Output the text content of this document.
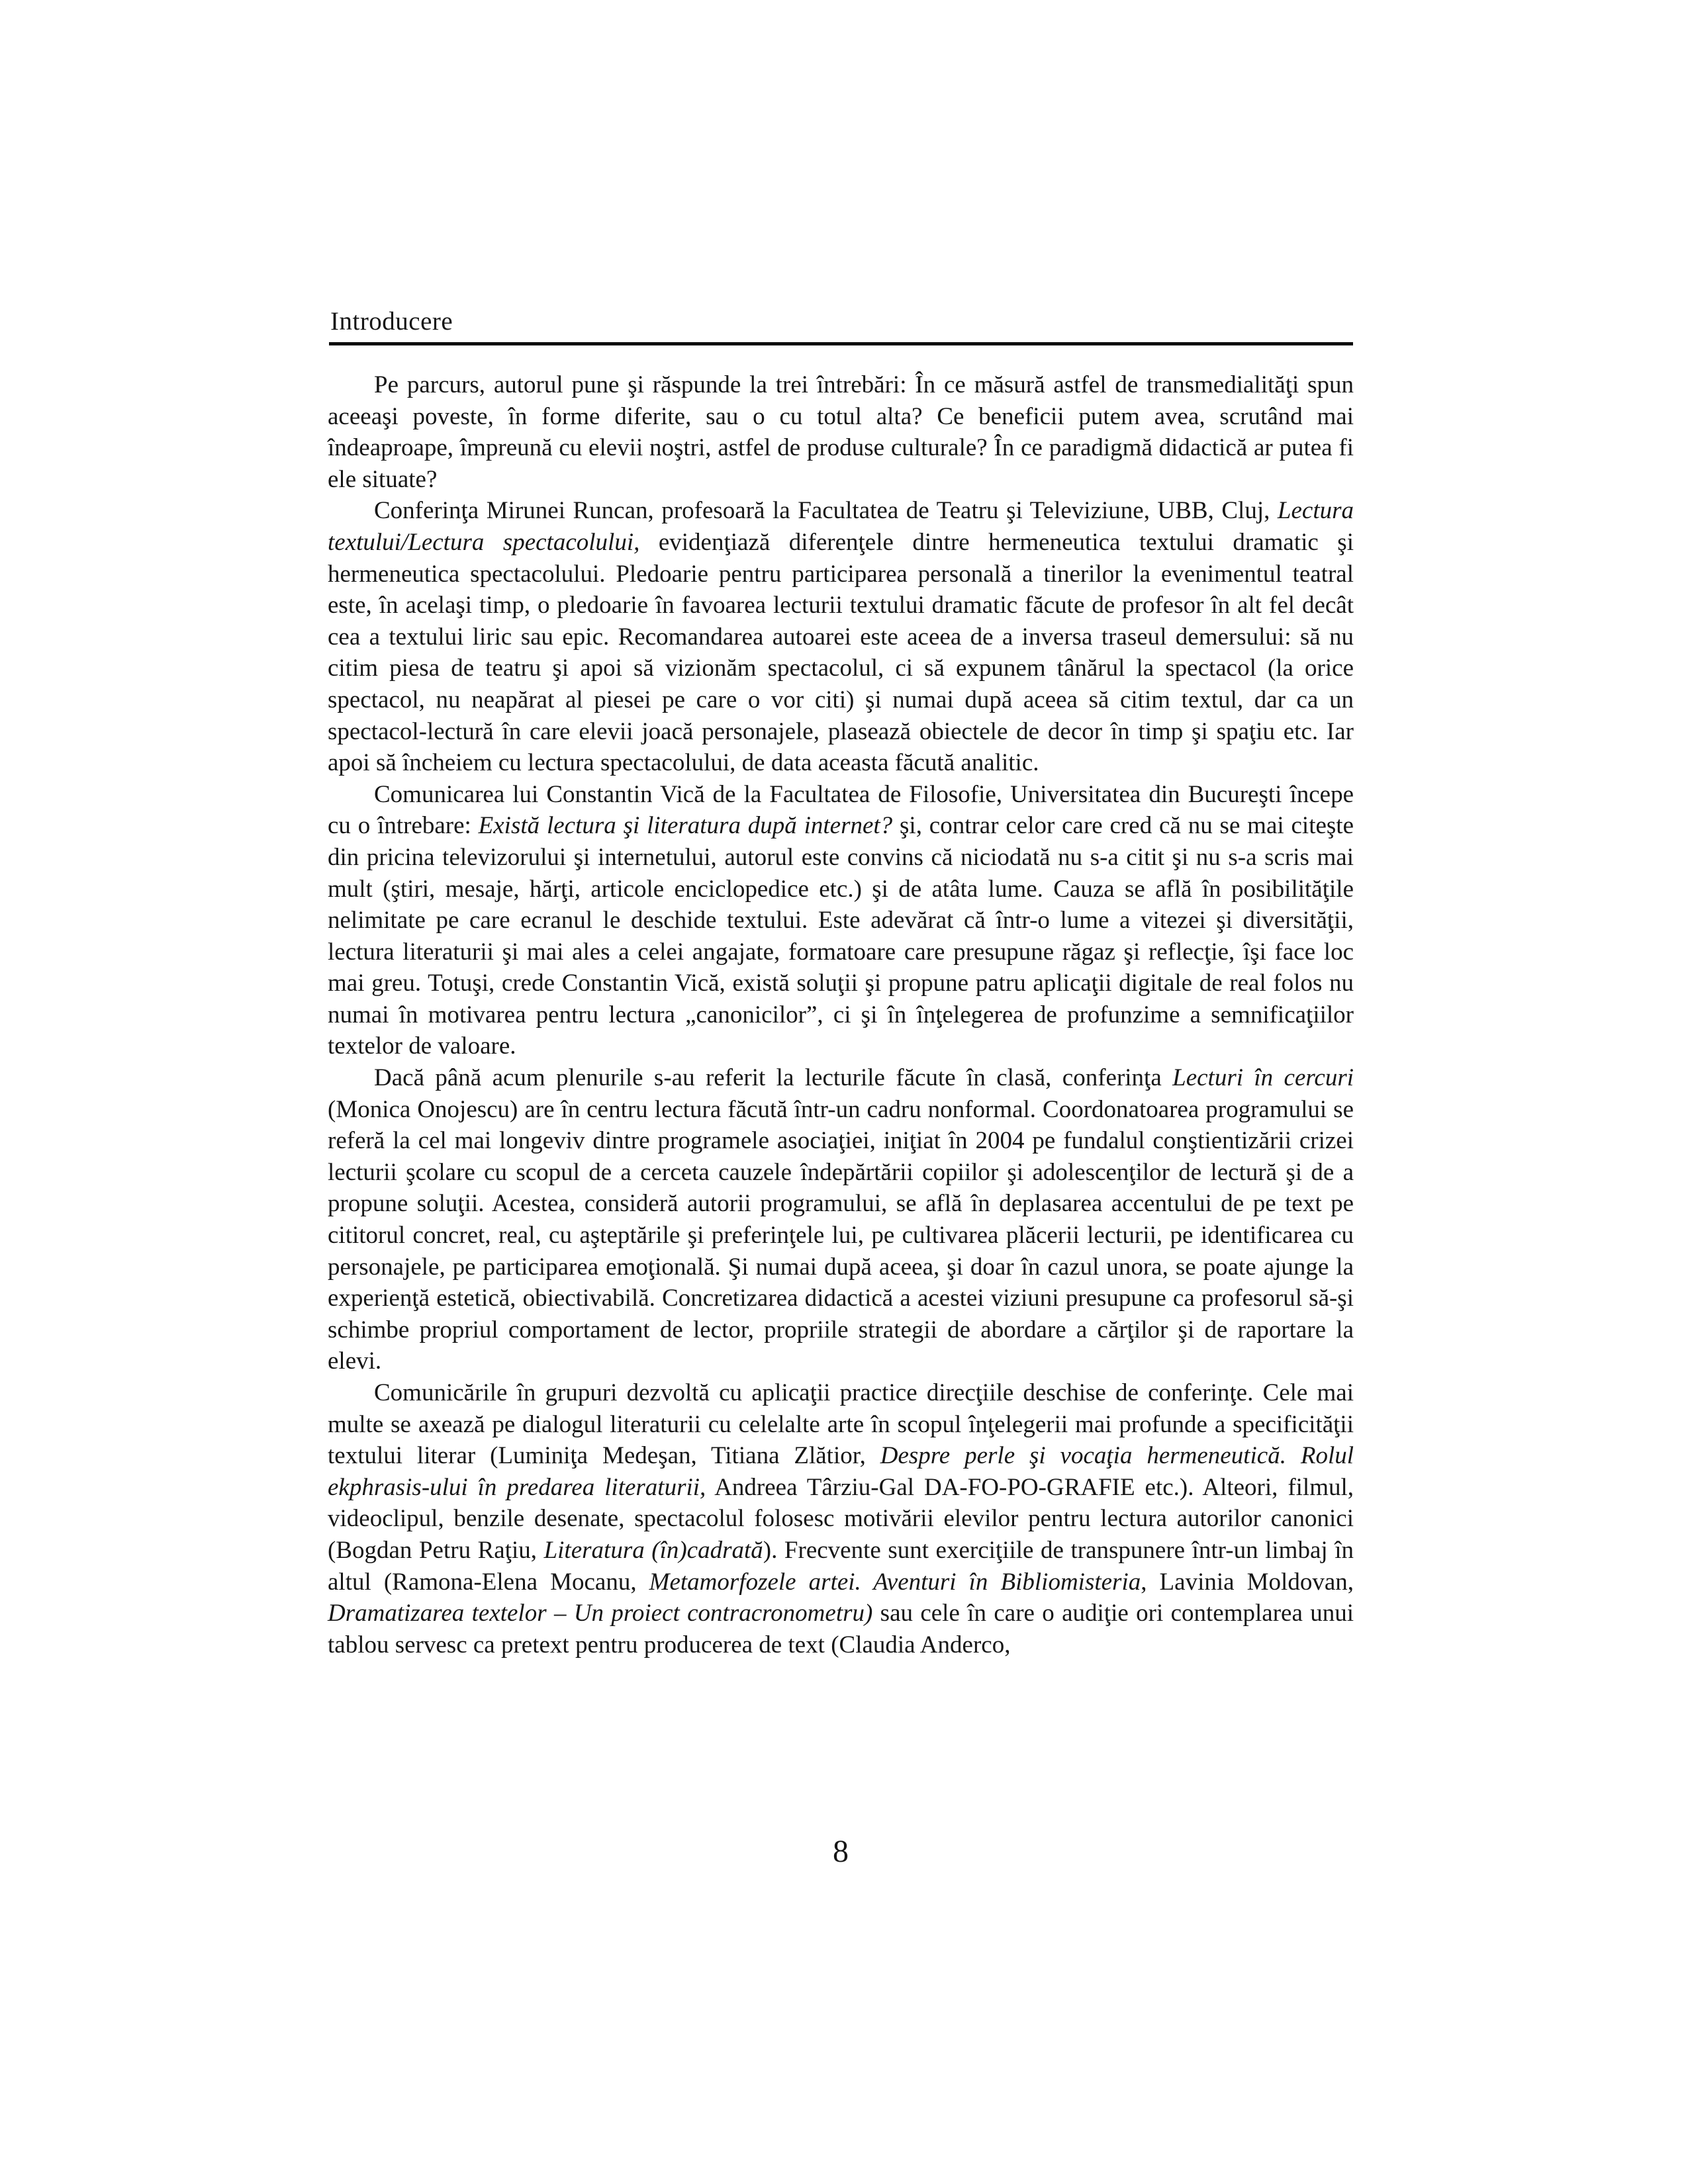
Introducere

Pe parcurs, autorul pune şi răspunde la trei întrebări: În ce măsură astfel de transmedialităţi spun aceeaşi poveste, în forme diferite, sau o cu totul alta? Ce beneficii putem avea, scrutând mai îndeaproape, împreună cu elevii noştri, astfel de produse culturale? În ce paradigmă didactică ar putea fi ele situate?

Conferinţa Mirunei Runcan, profesoară la Facultatea de Teatru şi Televiziune, UBB, Cluj, Lectura textului/Lectura spectacolului, evidenţiază diferenţele dintre hermeneutica textului dramatic şi hermeneutica spectacolului. Pledoarie pentru participarea personală a tinerilor la evenimentul teatral este, în acelaşi timp, o pledoarie în favoarea lecturii textului dramatic făcute de profesor în alt fel decât cea a textului liric sau epic. Recomandarea autoarei este aceea de a inversa traseul demersului: să nu citim piesa de teatru şi apoi să vizionăm spectacolul, ci să expunem tânărul la spectacol (la orice spectacol, nu neapărat al piesei pe care o vor citi) şi numai după aceea să citim textul, dar ca un spectacol-lectură în care elevii joacă personajele, plasează obiectele de decor în timp şi spaţiu etc. Iar apoi să încheiem cu lectura spectacolului, de data aceasta făcută analitic.

Comunicarea lui Constantin Vică de la Facultatea de Filosofie, Universitatea din Bucureşti începe cu o întrebare: Există lectura şi literatura după internet? şi, contrar celor care cred că nu se mai citeşte din pricina televizorului şi internetului, autorul este convins că niciodată nu s-a citit şi nu s-a scris mai mult (ştiri, mesaje, hărţi, articole enciclopedice etc.) şi de atâta lume. Cauza se află în posibilităţile nelimitate pe care ecranul le deschide textului. Este adevărat că într-o lume a vitezei şi diversităţii, lectura literaturii şi mai ales a celei angajate, formatoare care presupune răgaz şi reflecţie, îşi face loc mai greu. Totuşi, crede Constantin Vică, există soluţii şi propune patru aplicaţii digitale de real folos nu numai în motivarea pentru lectura „canonicilor”, ci şi în înţelegerea de profunzime a semnificaţiilor textelor de valoare.

Dacă până acum plenurile s-au referit la lecturile făcute în clasă, conferinţa Lecturi în cercuri (Monica Onojescu) are în centru lectura făcută într-un cadru nonformal. Coordonatoarea programului se referă la cel mai longeviv dintre programele asociaţiei, iniţiat în 2004 pe fundalul conştientizării crizei lecturii şcolare cu scopul de a cerceta cauzele îndepărtării copiilor şi adolescenţilor de lectură şi de a propune soluţii. Acestea, consideră autorii programului, se află în deplasarea accentului de pe text pe cititorul concret, real, cu aşteptările şi preferinţele lui, pe cultivarea plăcerii lecturii, pe identificarea cu personajele, pe participarea emoţională. Şi numai după aceea, şi doar în cazul unora, se poate ajunge la experienţă estetică, obiectivabilă. Concretizarea didactică a acestei viziuni presupune ca profesorul să-şi schimbe propriul comportament de lector, propriile strategii de abordare a cărţilor şi de raportare la elevi.

Comunicările în grupuri dezvoltă cu aplicaţii practice direcţiile deschise de conferinţe. Cele mai multe se axează pe dialogul literaturii cu celelalte arte în scopul înţelegerii mai profunde a specificităţii textului literar (Luminiţa Medeşan, Titiana Zlătior, Despre perle şi vocaţia hermeneutică. Rolul ekphrasis-ului în predarea literaturii, Andreea Târziu-Gal DA-FO-PO-GRAFIE etc.). Alteori, filmul, videoclipul, benzile desenate, spectacolul folosesc motivării elevilor pentru lectura autorilor canonici (Bogdan Petru Raţiu, Literatura (în)cadrată). Frecvente sunt exerciţiile de transpunere într-un limbaj în altul (Ramona-Elena Mocanu, Metamorfozele artei. Aventuri în Bibliomisteria, Lavinia Moldovan, Dramatizarea textelor – Un proiect contracronometru) sau cele în care o audiţie ori contemplarea unui tablou servesc ca pretext pentru producerea de text (Claudia Anderco,

8
